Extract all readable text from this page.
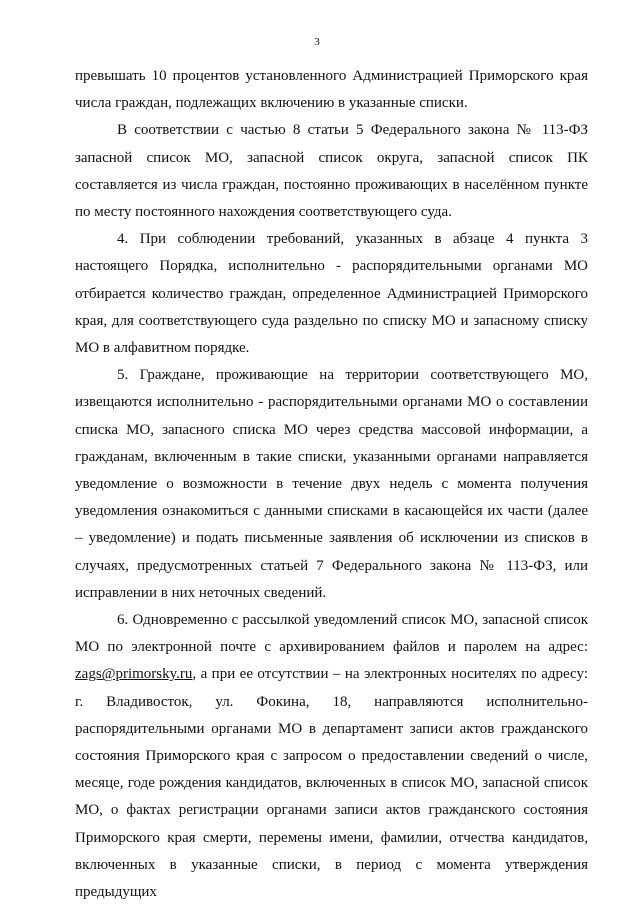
3

превышать 10 процентов установленного Администрацией Приморского края числа граждан, подлежащих включению в указанные списки.

В соответствии с частью 8 статьи 5 Федерального закона № 113-ФЗ запасной список МО, запасной список округа, запасной список ПК составляется из числа граждан, постоянно проживающих в населённом пункте по месту постоянного нахождения соответствующего суда.

4. При соблюдении требований, указанных в абзаце 4 пункта 3 настоящего Порядка, исполнительно - распорядительными органами МО отбирается количество граждан, определенное Администрацией Приморского края, для соответствующего суда раздельно по списку МО и запасному списку МО в алфавитном порядке.

5. Граждане, проживающие на территории соответствующего МО, извещаются исполнительно - распорядительными органами МО о составлении списка МО, запасного списка МО через средства массовой информации, а гражданам, включенным в такие списки, указанными органами направляется уведомление о возможности в течение двух недель с момента получения уведомления ознакомиться с данными списками в касающейся их части (далее – уведомление) и подать письменные заявления об исключении из списков в случаях, предусмотренных статьей 7 Федерального закона № 113-ФЗ, или исправлении в них неточных сведений.

6. Одновременно с рассылкой уведомлений список МО, запасной список МО по электронной почте с архивированием файлов и паролем на адрес: zags@primorsky.ru, а при ее отсутствии – на электронных носителях по адресу: г. Владивосток, ул. Фокина, 18, направляются исполнительно-распорядительными органами МО в департамент записи актов гражданского состояния Приморского края с запросом о предоставлении сведений о числе, месяце, годе рождения кандидатов, включенных в список МО, запасной список МО, о фактах регистрации органами записи актов гражданского состояния Приморского края смерти, перемены имени, фамилии, отчества кандидатов, включенных в указанные списки, в период с момента утверждения предыдущих
